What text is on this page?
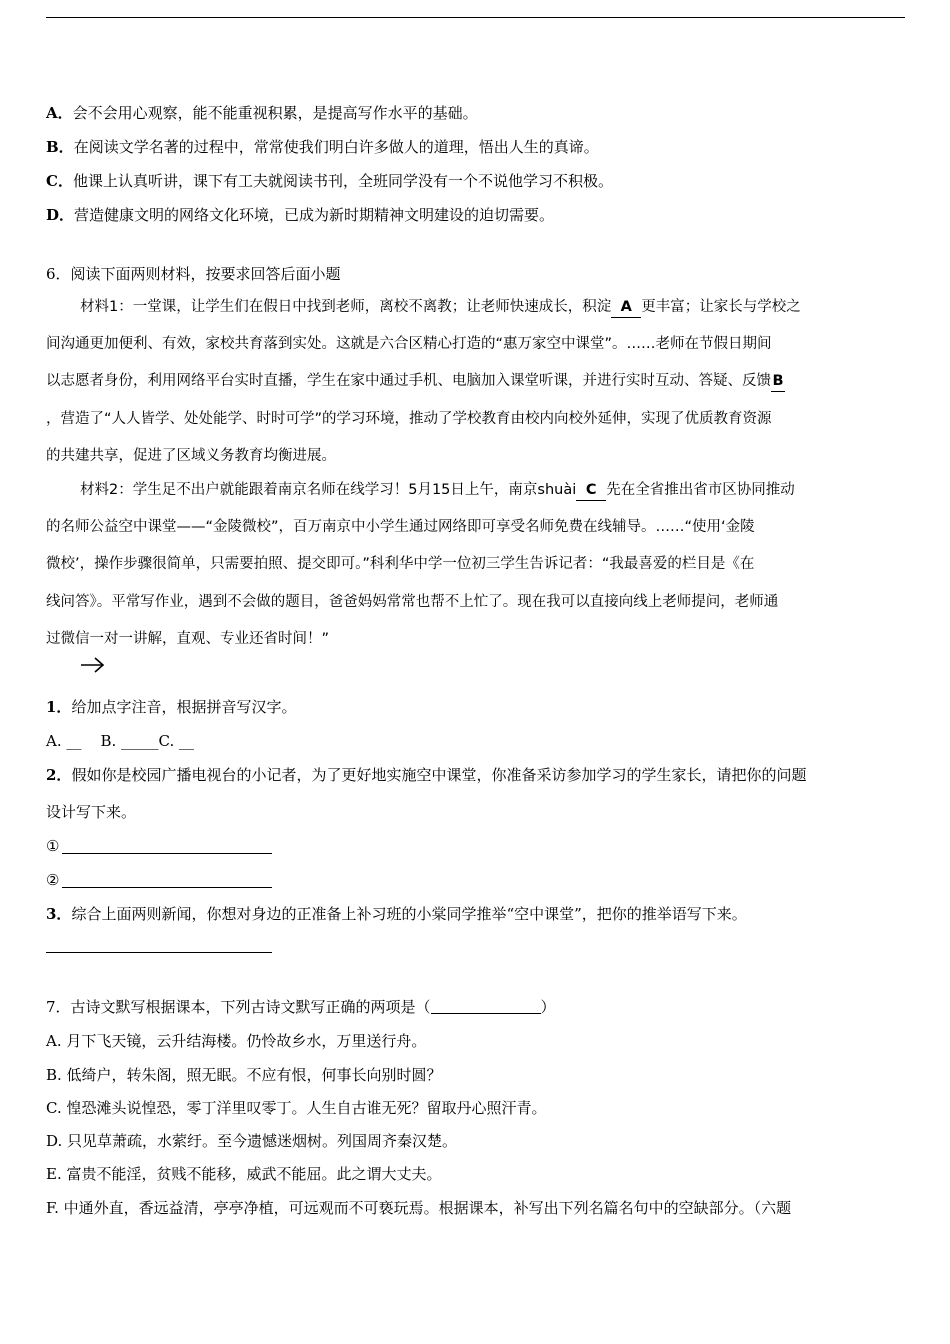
A．会不会用心观察，能不能重视积累，是提高写作水平的基础。
B．在阅读文学名著的过程中，常常使我们明白许多做人的道理，悟出人生的真谛。
C．他课上认真听讲，课下有工夫就阅读书刊，全班同学没有一个不说他学习不积极。
D．营造健康文明的网络文化环境，已成为新时期精神文明建设的迫切需要。
6．阅读下面两则材料，按要求回答后面小题
材料1：一堂课，让学生们在假日中找到老师，离校不离教；让老师快速成长，积淀 A 更丰富；让家长与学校之
间沟通更加便利、有效，家校共育落到实处。这就是六合区精心打造的“惠万家空中课堂”。……老师在节假日期间
以志愿者身份，利用网络平台实时直播，学生在家中通过手机、电脑加入课堂听课，并进行实时互动、答疑、反馈B
，营造了“人人皆学、处处能学、时时可学”的学习环境，推动了学校教育由校内向校外延伸，实现了优质教育资源
的共建共享，促进了区域义务教育均衡进展。
材料2：学生足不出户就能跟着南京名师在线学习！5月15日上午，南京shuài C 先在全省推出省市区协同推动
的名师公益空中课堂——“金陵微校”，百万南京中小学生通过网络即可享受名师免费在线辅导。……“使用‘金陵
微校’，操作步骤很简单，只需要拍照、提交即可。”科利华中学一位初三学生告诉记者：“我最喜爱的栏目是《在
线问答》。平常写作业，遇到不会做的题目，爸爸妈妈常常也帮不上忙了。现在我可以直接向线上老师提问，老师通
过微信一对一讲解，直观、专业还省时间！”
1．给加点字注音，根据拼音写汉字。
A. __    B. _____C. __
2．假如你是校园广播电视台的小记者，为了更好地实施空中课堂，你准备采访参加学习的学生家长，请把你的问题
设计写下来。
①
②
3．综合上面两则新闻，你想对身边的正准备上补习班的小棠同学推举“空中课堂”，把你的推举语写下来。
7．古诗文默写根据课本，下列古诗文默写正确的两项是（	）
A. 月下飞天镜，云升结海楼。仍怜故乡水，万里送行舟。
B. 低绮户，转朱阁，照无眠。不应有恨，何事长向别时圆？
C. 惶恐滩头说惶恐，零丁洋里叹零丁。人生自古谁无死？留取丹心照汗青。
D. 只见草萧疏，水萦纡。至今遗憾迷烟树。列国周齐秦汉楚。
E. 富贵不能淫，贫贱不能移，威武不能屈。此之谓大丈夫。
F. 中通外直，香远益清，亭亭净植，可远观而不可亵玩焉。根据课本，补写出下列名篇名句中的空缺部分。（六题
